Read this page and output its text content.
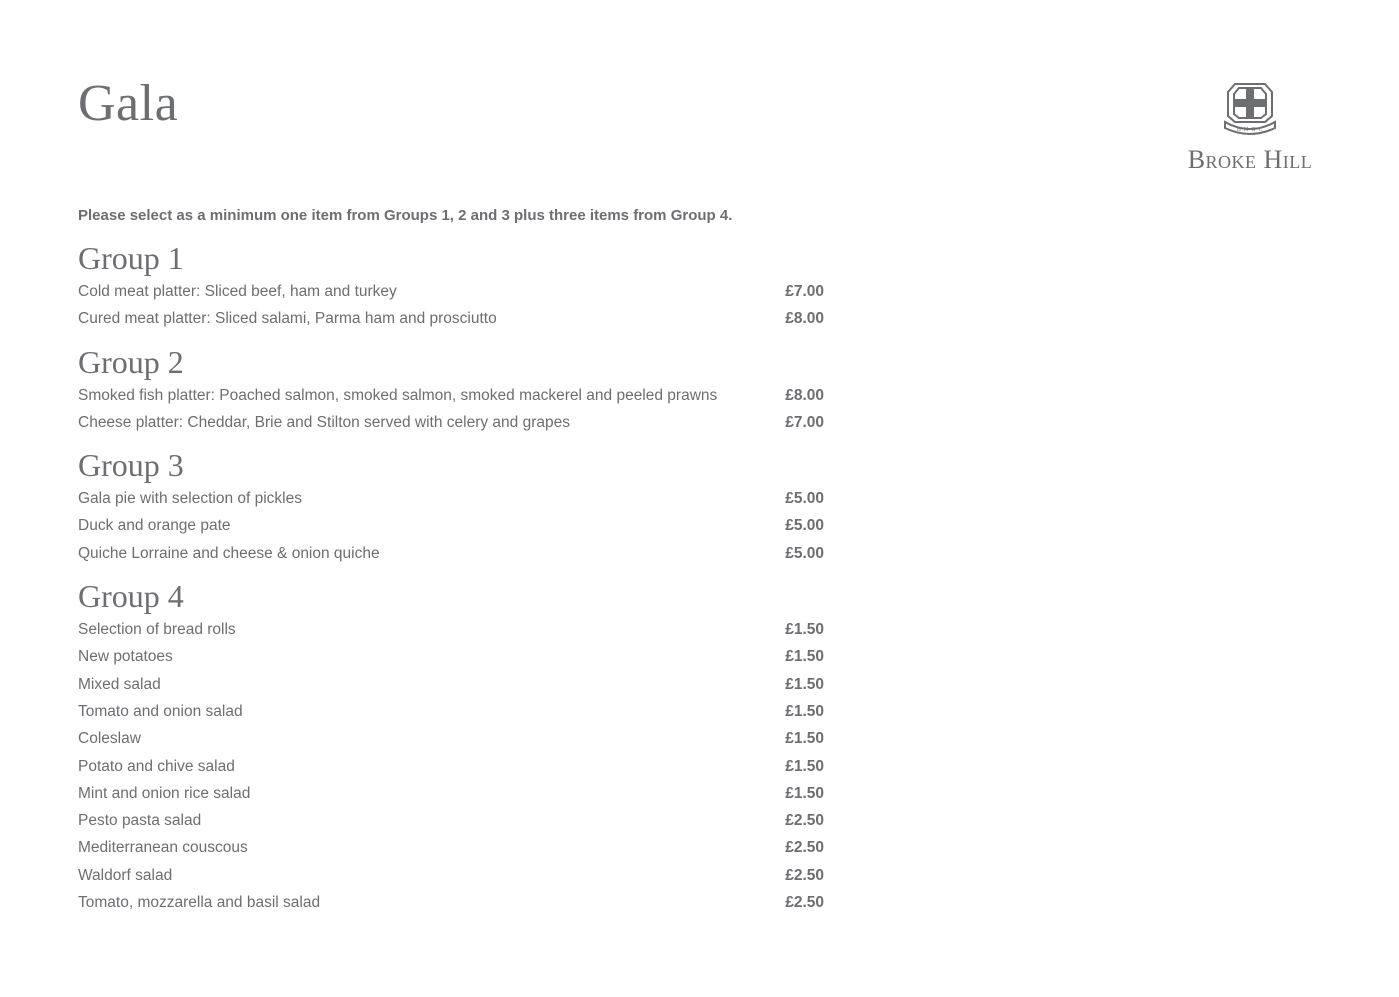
Gala	B·H·G·C
Broke Hill

Please select as a minimum one item from Groups 1, 2 and 3 plus three items from Group 4.

Group 1
Cold meat platter: Sliced beef, ham and turkey	£7.00
Cured meat platter: Sliced salami, Parma ham and prosciutto	£8.00
Group 2
Smoked fish platter: Poached salmon, smoked salmon, smoked mackerel and peeled prawns	£8.00
Cheese platter: Cheddar, Brie and Stilton served with celery and grapes	£7.00
Group 3
Gala pie with selection of pickles	£5.00
Duck and orange pate	£5.00
Quiche Lorraine and cheese & onion quiche	£5.00
Group 4
Selection of bread rolls	£1.50
New potatoes	£1.50
Mixed salad	£1.50
Tomato and onion salad	£1.50
Coleslaw	£1.50
Potato and chive salad	£1.50
Mint and onion rice salad	£1.50
Pesto pasta salad	£2.50
Mediterranean couscous	£2.50
Waldorf salad	£2.50
Tomato, mozzarella and basil salad	£2.50
